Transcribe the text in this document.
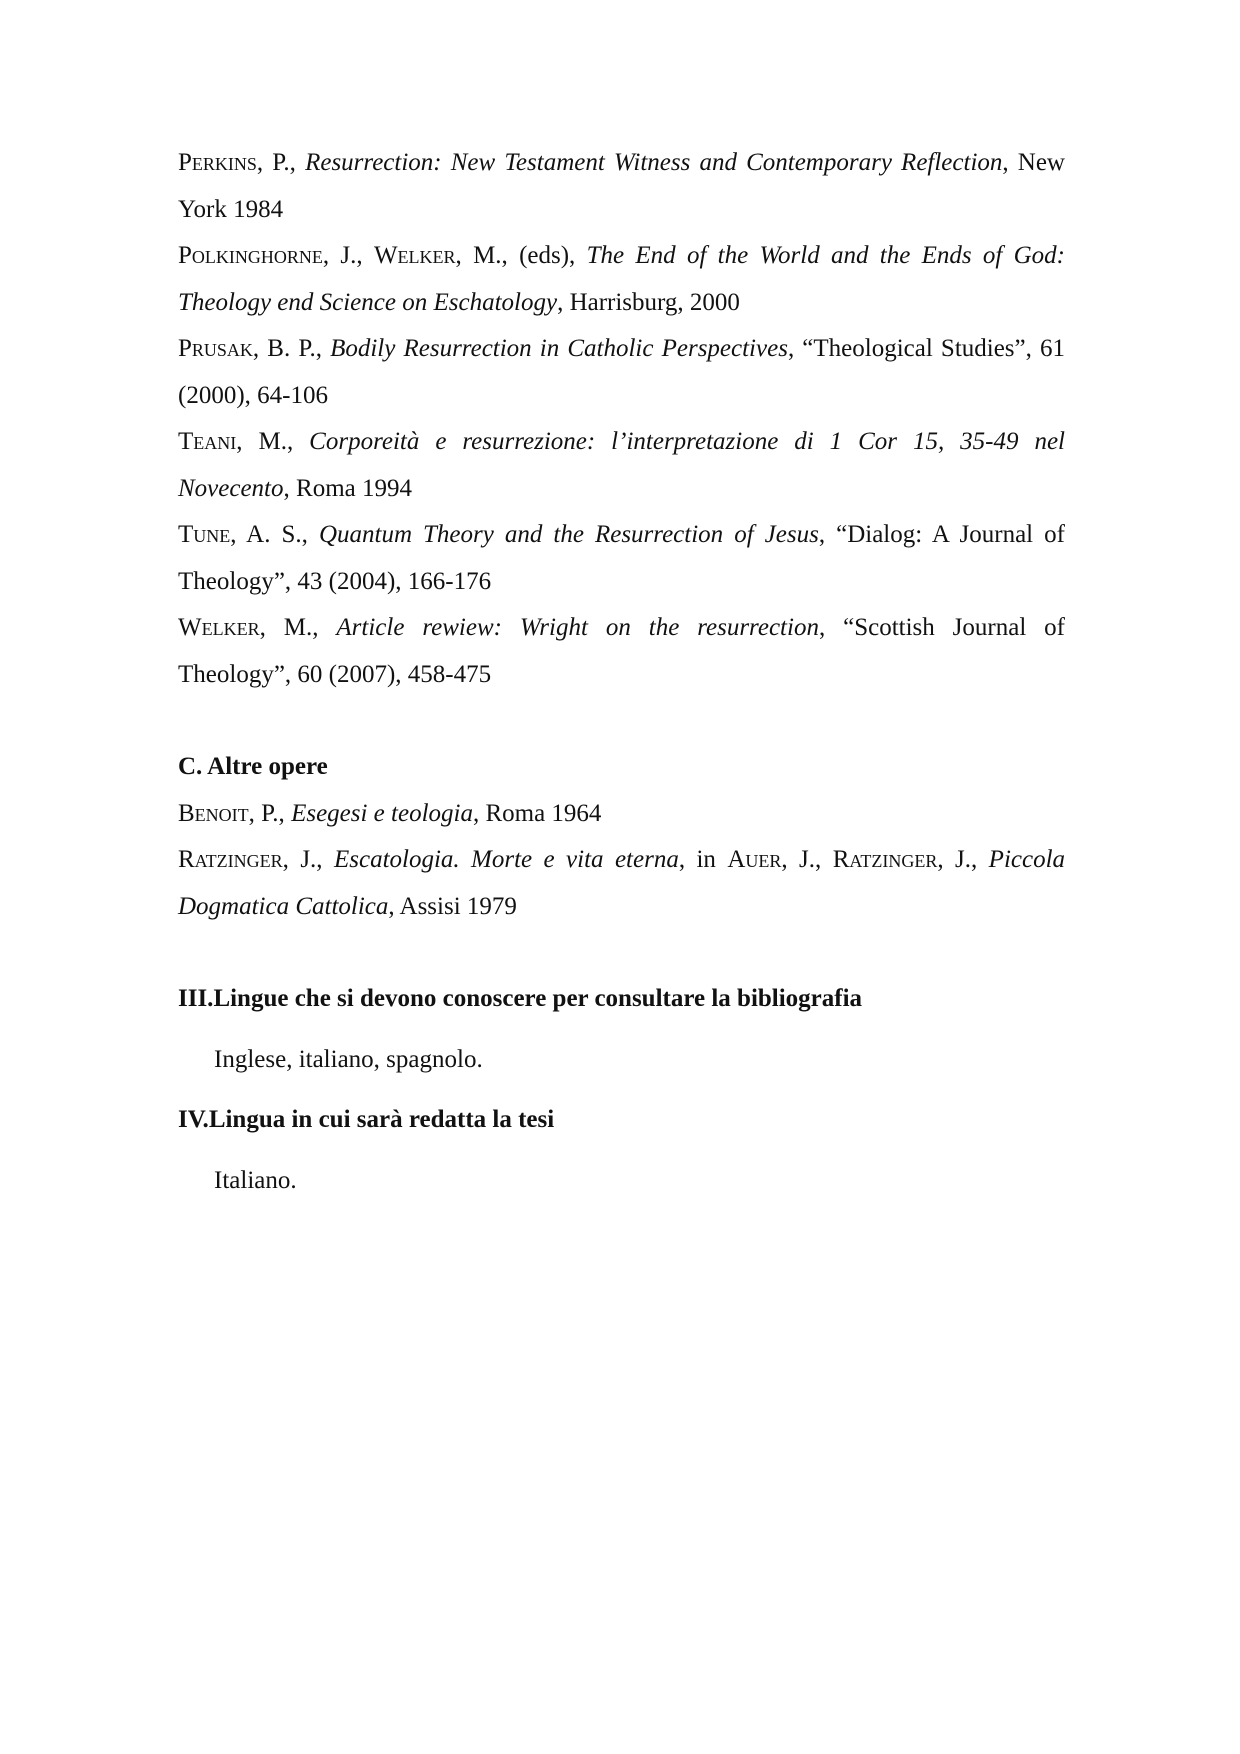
Perkins, P., Resurrection: New Testament Witness and Contemporary Reflection, New York 1984

Polkinghorne, J., Welker, M., (eds), The End of the World and the Ends of God: Theology end Science on Eschatology, Harrisburg, 2000

Prusak, B. P., Bodily Resurrection in Catholic Perspectives, “Theological Studies”, 61 (2000), 64-106

Teani, M., Corporeità e resurrezione: l’interpretazione di 1 Cor 15, 35-49 nel Novecento, Roma 1994

Tune, A. S., Quantum Theory and the Resurrection of Jesus, “Dialog: A Journal of Theology”, 43 (2004), 166-176

Welker, M., Article rewiew: Wright on the resurrection, “Scottish Journal of Theology”, 60 (2007), 458-475

C. Altre opere

Benoit, P., Esegesi e teologia, Roma 1964

Ratzinger, J., Escatologia. Morte e vita eterna, in Auer, J., Ratzinger, J., Piccola Dogmatica Cattolica, Assisi 1979

III. Lingue che si devono conoscere per consultare la bibliografia

Inglese, italiano, spagnolo.

IV. Lingua in cui sarà redatta la tesi

Italiano.
